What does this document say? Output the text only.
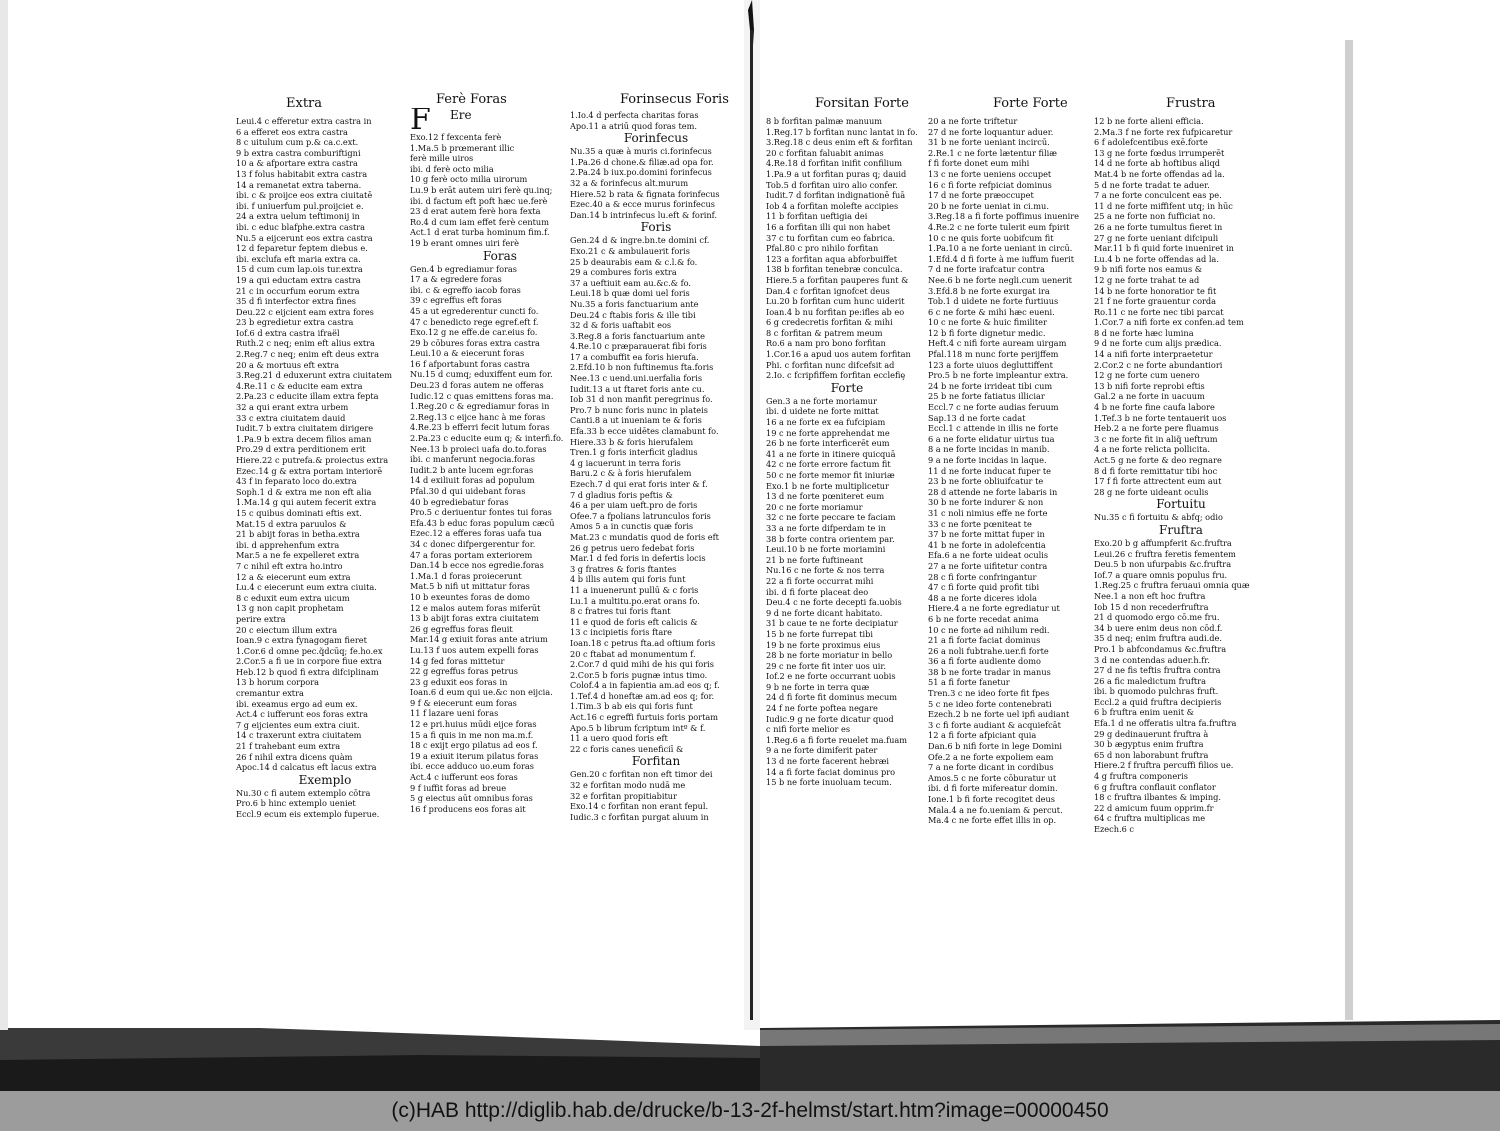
Extra	Ferè Foras	Forinsecus Foris	Forsitan Forte	Forte Forte	Frustra
Leui.4 c efferetur extra castra in
6 a efferet eos extra castra
8 c uitulum cum p.& ca.c.ext.
9 b extra castra comburiftigni
10 a & afportare extra castra
13 f folus habitabit extra castra
14 a remanetat extra taberna.
ibi. c & proijce eos extra ciuitatē
ibi. f uniuerfum pul.proijciet e.
24 a extra uelum teftimonij in
ibi. c educ blafphe.extra castra
Nu.5 a eijcerunt eos extra castra
12 d feparetur feptem diebus e.
ibi. exclufa eft maria extra ca.
15 d cum cum lap.ois tur.extra
19 a qui eductam extra castra
21 c in occurfum eorum extra
35 d fi interfector extra fines
Deu.22 c eijcient eam extra fores
23 b egredietur extra castra
Iof.6 d extra castra ifraël
Ruth.2 c neq; enim eft alius extra
2.Reg.7 c neq; enim eft deus extra
20 a & mortuus eft extra
3.Reg.21 d eduxerunt extra ciuitatem
4.Re.11 c & educite eam extra
2.Pa.23 c educite illam extra fepta
32 a qui erant extra urbem
33 c extra ciuitatem dauid
Iudit.7 b extra ciuitatem dirigere
1.Pa.9 b extra decem filios aman
Pro.29 d extra perditionem erit
Hiere.22 c putrefa.& proiectus extra
Ezec.14 g & extra portam interiorē
43 f in feparato loco do.extra
Soph.1 d & extra me non eft alia
1.Ma.14 g qui autem fecerit extra
15 c quibus dominati eftis ext.
Mat.15 d extra paruulos &
21 b abijt foras in betha.extra
ibi. d apprehenfum extra
Mar.5 a ne fe expelleret extra
7 c nihil eft extra ho.intro
12 a & eiecerunt eum extra
Lu.4 c eiecerunt eum extra ciuita.
8 c eduxit eum extra uicum
13 g non capit prophetam
perire extra
20 c eiectum illum extra
Ioan.9 c extra fynagogam fieret
1.Cor.6 d omne pec.q̃dcūq; fe.ho.ex
2.Cor.5 a fi ue in corpore fiue extra
Heb.12 b quod fi extra difciplinam
13 b horum corpora
cremantur extra
ibi. exeamus ergo ad eum ex.
Act.4 c iufferunt eos foras extra
7 g eijcientes eum extra ciuit.
14 c traxerunt extra ciuitatem
21 f trahebant eum extra
26 f nihil extra dicens quàm
Apoc.14 d calcatus eft lacus extra
Exemplo
Nu.30 c fi autem extemplo cōtra
Pro.6 b hinc extemplo ueniet
Eccl.9 ecum eis extemplo fuperue.
F Ere
Exo.12 f fexcenta ferè
1.Ma.5 b prœmerant illic
ferè mille uiros
ibi. d ferè octo milia
10 g ferè octo milia uirorum
Lu.9 b erāt autem uiri ferè qu.inq;
ibi. d factum eft poft hæc ue.ferè
23 d erat autem ferè hora fexta
Ro.4 d cum iam effet ferè centum
Act.1 d erat turba hominum fim.f.
19 b erant omnes uiri ferè
Foras
Gen.4 b egrediamur foras
17 a & egredere foras
ibi. c & egreffo iacob foras
39 c egreffus eft foras
45 a ut egrederentur cuncti fo.
47 c benedicto rege egref.eft f.
Exo.12 g ne effe.de car.eius fo.
29 b cōbures foras extra castra
Leui.10 a & eiecerunt foras
16 f afportabunt foras castra
Nu.15 d cumq; eduxiffent eum for.
Deu.23 d foras autem ne offeras
Iudic.12 c quas emittens foras ma.
1.Reg.20 c & egrediamur foras in
2.Reg.13 c eijce hanc à me foras
4.Re.23 b efferri fecit lutum foras
2.Pa.23 c educite eum q; & interfi.fo.
Nee.13 b proieci uafa do.to.foras
ibi. c manferunt negocia.foras
Iudit.2 b ante lucem egr.foras
14 d exiliuit foras ad populum
Pfal.30 d qui uidebant foras
40 b egrediebatur foras
Pro.5 c deriuentur fontes tui foras
Efa.43 b educ foras populum cæcū
Ezec.12 a efferes foras uafa tua
34 c donec difpergerentur for.
47 a foras portam exteriorem
Dan.14 b ecce nos egredie.foras
1.Ma.1 d foras proiecerunt
Mat.5 b nifi ut mittatur foras
10 b exeuntes foras de domo
12 e malos autem foras miferūt
13 b abijt foras extra ciuitatem
26 g egreffus foras fleuit
Mar.14 g exiuit foras ante atrium
Lu.13 f uos autem expelli foras
14 g fed foras mittetur
22 g egreffus foras petrus
23 g eduxit eos foras in
Ioan.6 d eum qui ue.&c non eijcia.
9 f & eiecerunt eum foras
11 f lazare ueni foras
12 e pri.huius mūdi eijce foras
15 a fi quis in me non ma.m.f.
18 c exijt ergo pilatus ad eos f.
19 a exiuit iterum pilatus foras
ibi. ecce adduco uo.eum foras
Act.4 c iufferunt eos foras
9 f iuffit foras ad breue
5 g eiectus aūt omnibus foras
16 f producens eos foras ait
1.Io.4 d perfecta charitas foras
Apo.11 a atriū quod foras tem.
Forinfecus
Nu.35 a quæ à muris ci.forinfecus
1.Pa.26 d chone.& filiæ.ad opa for.
2.Pa.24 b iux.po.domini forinfecus
32 a & forinfecus alt.murum
Hiere.52 b rata & fignata forinfecus
Ezec.40 a & ecce murus forinfecus
Dan.14 b intrinfecus lu.eft & forinf.
Foris
Gen.24 d & ingre.bn.te domini cf.
Exo.21 c & ambulauerit foris
25 b deaurabis eam & c.l.& fo.
29 a combures foris extra
37 a ueftiuit eam au.&c.& fo.
Leui.18 b quæ domi uel foris
Nu.35 a foris fanctuarium ante
Deu.24 c ftabis foris & ille tibi
32 d & foris uaftabit eos
3.Reg.8 a foris fanctuarium ante
4.Re.10 c præparauerat fibi foris
17 a combuffit ea foris hierufa.
2.Efd.10 b non fuftinemus fta.foris
Nee.13 c uend.uni.uerfalia foris
Iudit.13 a ut ftaret foris ante cu.
Iob 31 d non manfit peregrinus fo.
Pro.7 b nunc foris nunc in plateis
Canti.8 a ut inueniam te & foris
Efa.33 b ecce uidētes clamabunt fo.
Hiere.33 b & foris hierufalem
Tren.1 g foris interficit gladius
4 g iacuerunt in terra foris
Baru.2 c & à foris hierufalem
Ezech.7 d qui erat foris inter & f.
7 d gladius foris peftis &
46 a per uiam ueft.pro de foris
Ofee.7 a fpolians latrunculos foris
Amos 5 a in cunctis quæ foris
Mat.23 c mundatis quod de foris eft
26 g petrus uero fedebat foris
Mar.1 d fed foris in defertis locis
3 g fratres & foris ftantes
4 b illis autem qui foris funt
11 a inuenerunt pullū & c foris
Lu.1 a multitu.po.erat orans fo.
8 c fratres tui foris ftant
11 e quod de foris eft calicis &
13 c incipietis foris ftare
Ioan.18 c petrus fta.ad oftium foris
20 c ftabat ad monumentum f.
2.Cor.7 d quid mihi de his qui foris
2.Cor.5 b foris pugnæ intus timo.
Colof.4 a in fapientia am.ad eos q; f.
1.Tef.4 d honeftæ am.ad eos q; for.
1.Tim.3 b ab eis qui foris funt
Act.16 c egreffi furtuis foris portam
Apo.5 b librum fcriptum intº & f.
11 a uero quod foris eft
22 c foris canes ueneficiī &
Forfitan
Gen.20 c forfitan non eft timor dei
32 e forfitan modo nudā me
32 e forfitan propitiabitur
Exo.14 c forfitan non erant fepul.
Iudic.3 c forfitan purgat aluum in
8 b forfitan palmæ manuum
1.Reg.17 b forfitan nunc lantat in fo.
3.Reg.18 c deus enim eft & forfitan
20 c forfitan faluabit animas
4.Re.18 d forfitan inifit confilium
1.Pa.9 a ut forfitan puras q; dauid
Tob.5 d forfitan uiro alio confer.
Iudit.7 d forfitan indignationē fuā
Iob 4 a forfitan molefte accipies
11 b forfitan ueftigia dei
16 a forfitan illi qui non habet
37 c tu forfitan cum eo fabrica.
Pfal.80 c pro nihilo forfitan
123 a forfitan aqua abforbuiffet
138 b forfitan tenebræ conculca.
Hiere.5 a forfitan pauperes funt &
Dan.4 c forfitan ignofcet deus
Lu.20 b forfitan cum hunc uiderit
Ioan.4 b nu forfitan pe:ifles ab eo
6 g credecretis forfitan & mihi
8 c forfitan & patrem meum
Ro.6 a nam pro bono forfitan
1.Cor.16 a apud uos autem forfitan
Phi. c forfitan nunc difcefsit ad
2.Io. c fcripfiffem forfitan ecclefię
Forte
Gen.3 a ne forte moriamur
ibi. d uidete ne forte mittat
16 a ne forte ex ea fufcipiam
19 c ne forte apprehendat me
26 b ne forte interficerēt eum
41 a ne forte in itinere quicquā
42 c ne forte errore factum fit
50 c ne forte memor fit iniuriæ
Exo.1 b ne forte multiplicetur
13 d ne forte pœniteret eum
20 c ne forte moriamur
32 c ne forte peccare te faciam
33 a ne forte difperdam te in
38 b forte contra orientem par.
Leui.10 b ne forte moriamini
21 b ne forte fuftineant
Nu.16 c ne forte & nos terra
22 a fi forte occurrat mihi
ibi. d fi forte placeat deo
Deu.4 c ne forte decepti fa.uobis
9 d ne forte dicant habitato.
31 b caue te ne forte decipiatur
15 b ne forte furrepat tibi
19 b ne forte proximus eius
28 b ne forte moriatur in bello
29 c ne forte fit inter uos uir.
Iof.2 e ne forte occurrant uobis
9 b ne forte in terra quæ
24 d fi forte fit dominus mecum
24 f ne forte poftea negare
Iudic.9 g ne forte dicatur quod
c nifi forte melior es
1.Reg.6 a fi forte reuelet ma.fuam
9 a ne forte dimiferit pater
13 d ne forte facerent hebræi
14 a fi forte faciat dominus pro
15 b ne forte inuoluam tecum.
20 a ne forte triftetur
27 d ne forte loquantur aduer.
31 b ne forte ueniant incircū.
2.Re.1 c ne forte lætentur filiæ
f fi forte donet eum mihi
13 c ne forte ueniens occupet
16 c fi forte refpiciat dominus
17 d ne forte præoccupet
20 b ne forte ueniat in ci.mu.
3.Reg.18 a fi forte poffimus inuenire
4.Re.2 c ne forte tulerit eum fpirit
10 c ne quis forte uobifcum fit
1.Pa.10 a ne forte ueniant in circū.
1.Efd.4 d fi forte à me iuffum fuerit
7 d ne forte irafcatur contra
Nee.6 b ne forte negli.cum uenerit
3.Efd.8 b ne forte exurgat ira
Tob.1 d uidete ne forte furtiuus
6 c ne forte & mihi hæc eueni.
10 c ne forte & huic fimiliter
12 b fi forte dignetur medic.
Heft.4 c nifi forte auream uirgam
Pfal.118 m nunc forte perijffem
123 a forte uiuos degluttiffent
Pro.5 b ne forte impleantur extra.
24 b ne forte irrideat tibi cum
25 b ne forte fatiatus illiciar
Eccl.7 c ne forte audias feruum
Sap.13 d ne forte cadat
Eccl.1 c attende in illis ne forte
6 a ne forte elidatur uirtus tua
8 a ne forte incidas in manib.
9 a ne forte incidas in laque.
11 d ne forte inducat fuper te
23 b ne forte obliuifcatur te
28 d attende ne forte labaris in
30 b ne forte indurer & non
31 c noli nimius effe ne forte
33 c ne forte pœniteat te
37 b ne forte mittat fuper in
41 b ne forte in adolefcentia
Efa.6 a ne forte uideat oculis
27 a ne forte uifitetur contra
28 c fi forte confringantur
47 c fi forte quid profit tibi
48 a ne forte diceres idola
Hiere.4 a ne forte egrediatur ut
6 b ne forte recedat anima
10 c ne forte ad nihilum redi.
21 a fi forte faciat dominus
26 a noli fubtrahe.uer.fi forte
36 a fi forte audiente domo
38 b ne forte tradar in manus
51 a fi forte fanetur
Tren.3 c ne ideo forte fit fpes
5 c ne ideo forte contenebrati
Ezech.2 b ne forte uel ipfi audiant
3 c fi forte audiant & acquiefcāt
12 a fi forte afpiciant quia
Dan.6 b nifi forte in lege Domini
Ofe.2 a ne forte expoliem eam
7 a ne forte dicant in cordibus
Amos.5 c ne forte cōburatur ut
ibi. d fi forte mifereatur domin.
Ione.1 b fi forte recogitet deus
Mala.4 a ne fo.ueniam & percut.
Ma.4 c ne forte effet illis in op.
12 b ne forte alieni efficia.
2.Ma.3 f ne forte rex fufpicaretur
6 f adolefcentibus exē.forte
13 g ne forte fœdus irrumperēt
14 d ne forte ab hoftibus aliqd
Mat.4 b ne forte offendas ad la.
5 d ne forte tradat te aduer.
7 a ne forte conculcent eas pe.
11 d ne forte miffifent utq; in hūc
25 a ne forte non fufficiat no.
26 a ne forte tumultus fieret in
27 g ne forte ueniant difcipuli
Mar.11 b fi quid forte inueniret in
Lu.4 b ne forte offendas ad la.
9 b nifi forte nos eamus &
12 g ne forte trahat te ad
14 b ne forte honoratior te fit
21 f ne forte grauentur corda
Ro.11 c ne forte nec tibi parcat
1.Cor.7 a nifi forte ex confen.ad tem
8 d ne forte hæc lumina
9 d ne forte cum alijs prædica.
14 a nifi forte interpraetetur
2.Cor.2 c ne forte abundantiori
12 g ne forte cum uenero
13 b nifi forte reprobi eftis
Gal.2 a ne forte in uacuum
4 b ne forte fine caufa labore
1.Tef.3 b ne forte tentauerit uos
Heb.2 a ne forte pere fluamus
3 c ne forte fit in aliq̃ ueftrum
4 a ne forte relicta pollicita.
Act.5 g ne forte & deo regnare
8 d fi forte remittatur tibi hoc
17 f fi forte attrectent eum aut
28 g ne forte uideant oculis
Fortuitu
Nu.35 c fi fortuitu & abfq; odio
Fruftra
Exo.20 b g affumpferit &c.fruftra
Leui.26 c fruftra feretis fementem
Deu.5 b non ufurpabis &c.fruftra
Iof.7 a quare omnis populus fru.
1.Reg.25 c fruftra feruaui omnia quæ
Nee.1 a non eft hoc fruftra
Iob 15 d non recederfruftra
21 d quomodo ergo cō.me fru.
34 b uere enim deus non cōd.f.
35 d neq; enim fruftra audi.de.
Pro.1 b abfcondamus &c.fruftra
3 d ne contendas aduer.h.fr.
27 d ne fis teftis fruftra contra
26 a fic maledictum fruftra
ibi. b quomodo pulchras fruft.
Eccl.2 a quid fruftra decipieris
6 b fruftra enim uenit &
Efa.1 d ne offeratis ultra fa.fruftra
29 g dedinauerunt fruftra à
30 b ægyptus enim fruftra
65 d non laborabunt fruftra
Hiere.2 f fruftra percuffi filios ue.
4 g fruftra componeris
6 g fruftra conflauit conflator
18 c fruftra ilbantes & imping.
22 d amicum fuum opprim.fr
64 c fruftra multiplicas me
Ezech.6 c
(c)HAB http://diglib.hab.de/drucke/b-13-2f-helmst/start.htm?image=00000450
